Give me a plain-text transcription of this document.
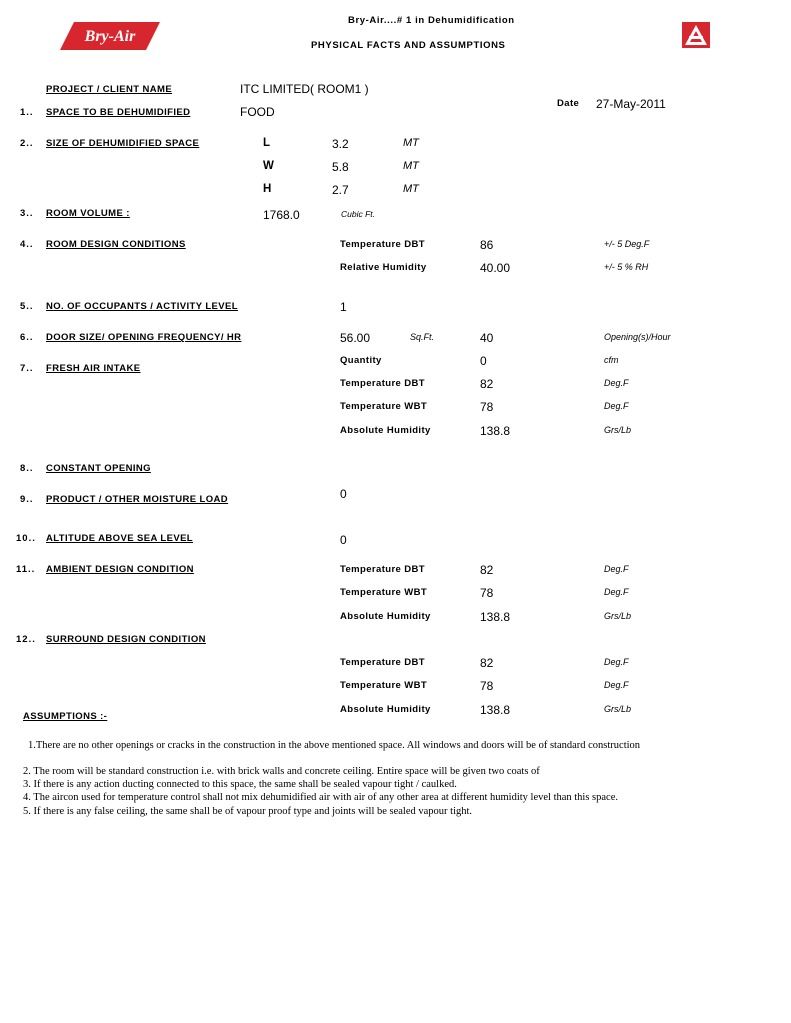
Bry-Air
Bry-Air....# 1 in Dehumidification
PHYSICAL FACTS AND ASSUMPTIONS
PROJECT / CLIENT NAME	ITC LIMITED( ROOM1 )
Date 27-May-2011
1.. SPACE TO BE DEHUMIDIFIED	FOOD
2.. SIZE OF DEHUMIDIFIED SPACE	L	3.2	MT
W	5.8	MT
H	2.7	MT
3.. ROOM VOLUME :	1768.0	Cubic Ft.
4.. ROOM DESIGN CONDITIONS	Temperature DBT	86	+/- 5 Deg.F
Relative Humidity	40.00	+/- 5 % RH
5.. NO. OF OCCUPANTS / ACTIVITY LEVEL	1
6.. DOOR SIZE/ OPENING FREQUENCY/ HR	56.00	Sq.Ft.	40	Opening(s)/Hour
7.. FRESH AIR INTAKE
Quantity	0	cfm
Temperature DBT	82	Deg.F
Temperature WBT	78	Deg.F
Absolute Humidity	138.8	Grs/Lb
8.. CONSTANT OPENING
9.. PRODUCT / OTHER MOISTURE LOAD	0
10.. ALTITUDE ABOVE SEA LEVEL	0
11.. AMBIENT DESIGN CONDITION	Temperature DBT	82	Deg.F
Temperature WBT	78	Deg.F
Absolute Humidity	138.8	Grs/Lb
12.. SURROUND DESIGN CONDITION
Temperature DBT	82	Deg.F
Temperature WBT	78	Deg.F
Absolute Humidity	138.8	Grs/Lb
ASSUMPTIONS :-
1.There are no other openings or cracks in the construction in the above mentioned space. All windows and doors will be of standard construction
2. The room will be standard construction i.e. with brick walls and concrete ceiling. Entire space will be given two coats of
3. If there is any action ducting connected to this space, the same shall be sealed vapour tight / caulked.
4. The aircon used for temperature control shall not mix dehumidified air with air of any other area at different humidity level than this space.
5. If there is any false ceiling, the same shall be of vapour proof type and joints will be sealed vapour tight.
